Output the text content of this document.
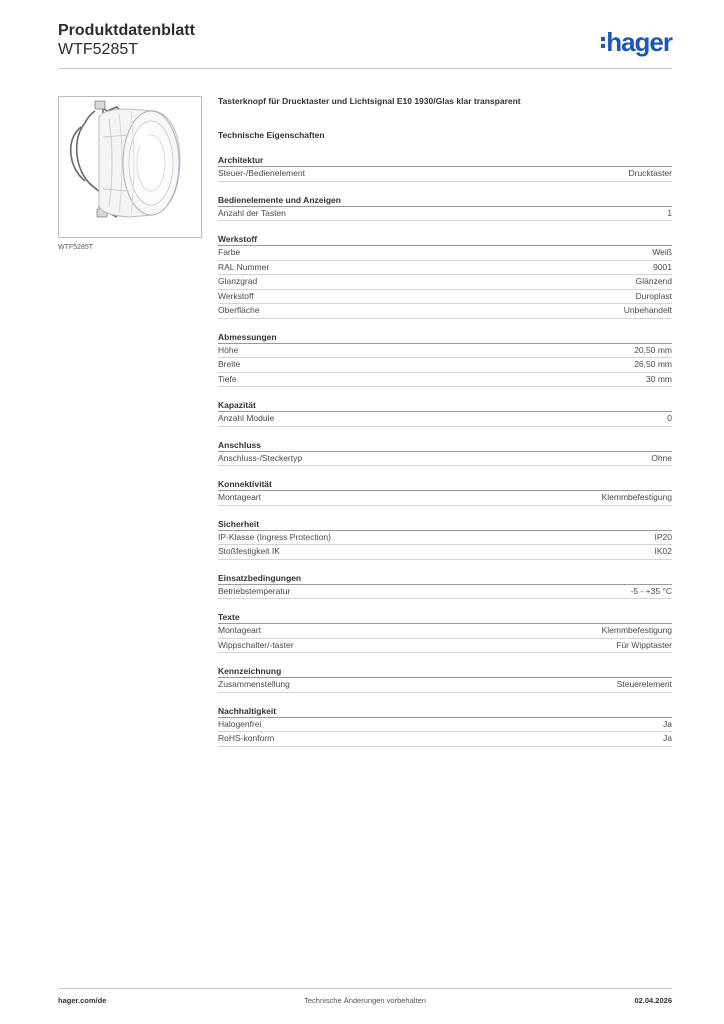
Produktdatenblatt
WTF5285T	hager
WTF5285T
Tasterknopf für Drucktaster und Lichtsignal E10 1930/Glas klar transparent
Technische Eigenschaften
Architektur
Steuer-/Bedienelement	Drucktaster
Bedienelemente und Anzeigen
Anzahl der Tasten	1
Werkstoff
Farbe	Weiß
RAL Nummer	9001
Glanzgrad	Glänzend
Werkstoff	Duroplast
Oberfläche	Unbehandelt
Abmessungen
Höhe	20,50 mm
Breite	26,50 mm
Tiefe	30 mm
Kapazität
Anzahl Module	0
Anschluss
Anschluss-/Steckertyp	Ohne
Konnektivität
Montageart	Klemmbefestigung
Sicherheit
IP-Klasse (Ingress Protection)	IP20
Stoßfestigkeit IK	IK02
Einsatzbedingungen
Betriebstemperatur	-5 - +35 °C
Texte
Montageart	Klemmbefestigung
Wippschalter/-taster	Für Wipptaster
Kennzeichnung
Zusammenstellung	Steuerelement
Nachhaltigkeit
Halogenfrei	Ja
RoHS-konform	Ja
hager.com/de	Technische Änderungen vorbehalten	02.04.2026
